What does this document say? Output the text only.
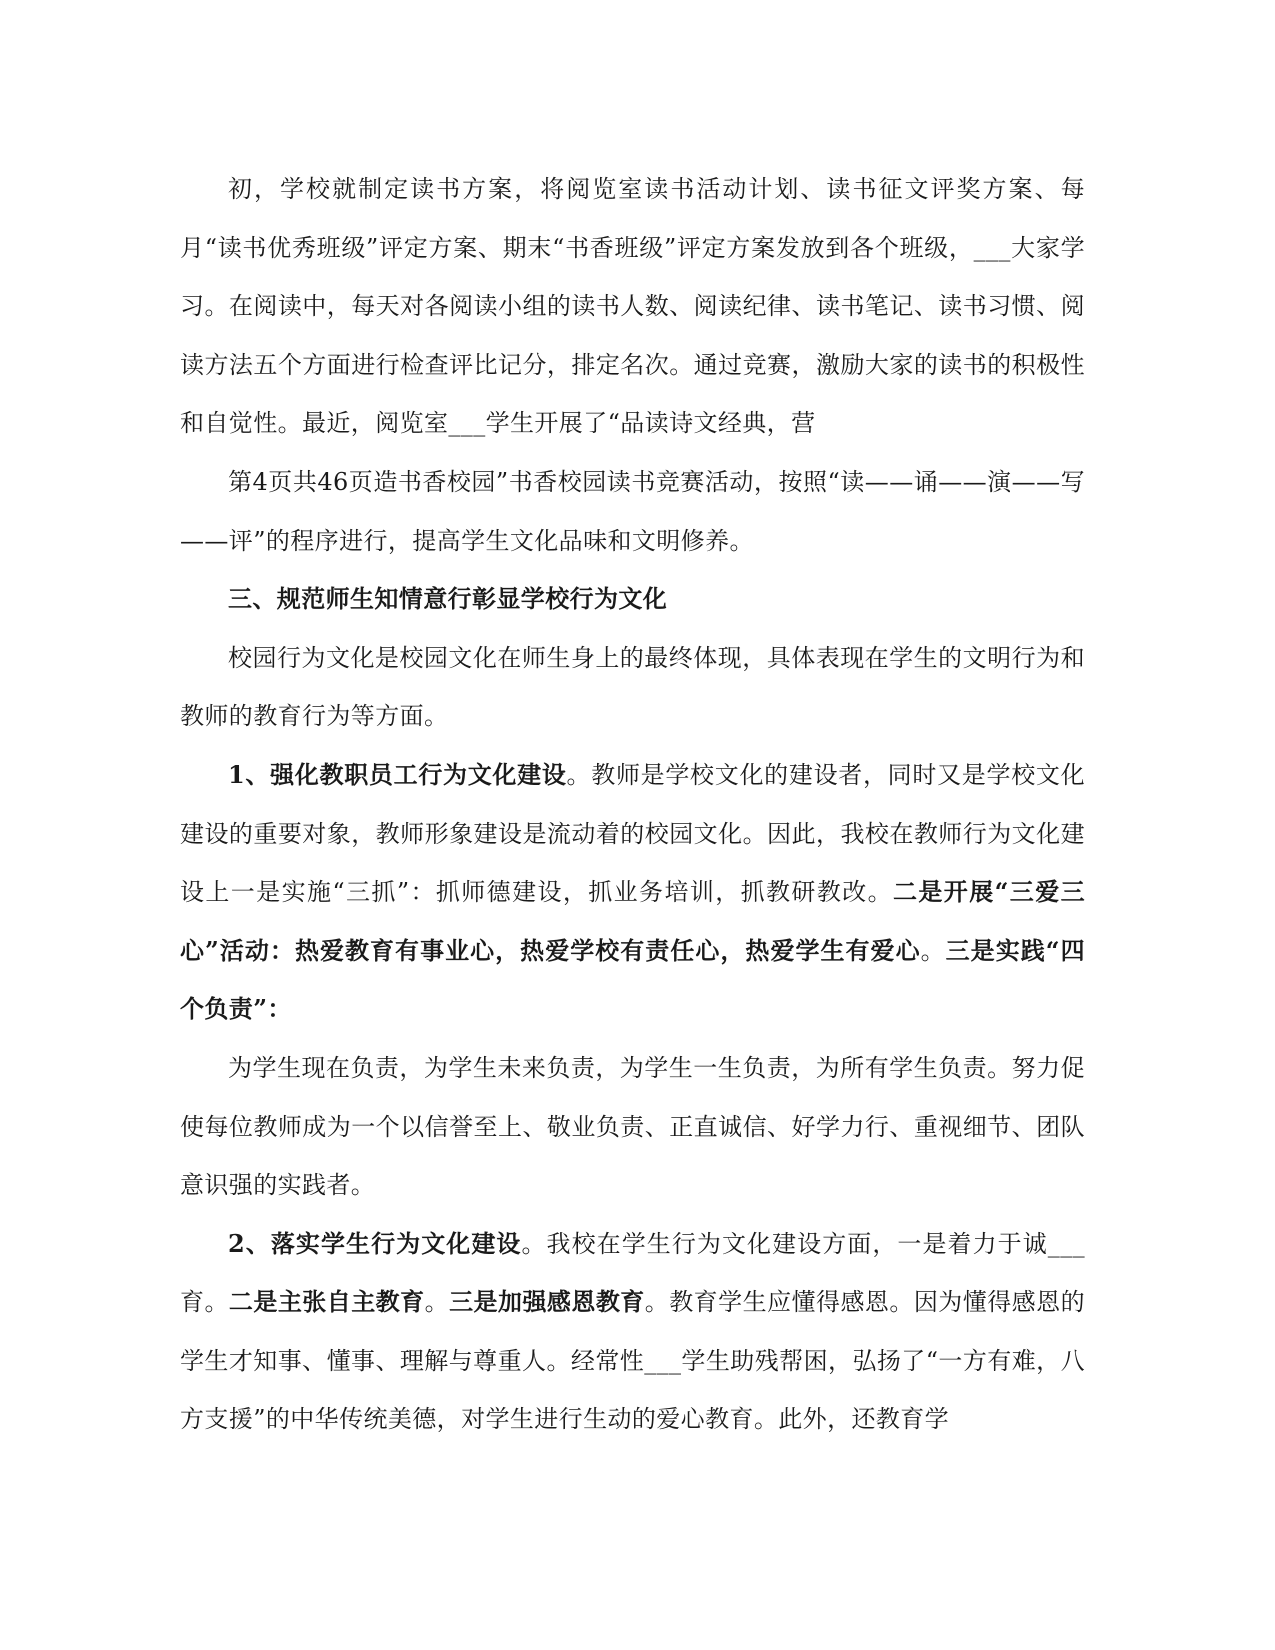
初，学校就制定读书方案，将阅览室读书活动计划、读书征文评奖方案、每月“读书优秀班级”评定方案、期末“书香班级”评定方案发放到各个班级，___大家学习。在阅读中，每天对各阅读小组的读书人数、阅读纪律、读书笔记、读书习惯、阅读方法五个方面进行检查评比记分，排定名次。通过竞赛，激励大家的读书的积极性和自觉性。最近，阅览室___学生开展了“品读诗文经典，营

第4页共46页造书香校园”书香校园读书竞赛活动，按照“读——诵——演——写——评”的程序进行，提高学生文化品味和文明修养。

三、规范师生知情意行彰显学校行为文化

校园行为文化是校园文化在师生身上的最终体现，具体表现在学生的文明行为和教师的教育行为等方面。

1、强化教职员工行为文化建设。教师是学校文化的建设者，同时又是学校文化建设的重要对象，教师形象建设是流动着的校园文化。因此，我校在教师行为文化建设上一是实施“三抓”：抓师德建设，抓业务培训，抓教研教改。二是开展“三爱三心”活动：热爱教育有事业心，热爱学校有责任心，热爱学生有爱心。三是实践“四个负责”：

为学生现在负责，为学生未来负责，为学生一生负责，为所有学生负责。努力促使每位教师成为一个以信誉至上、敬业负责、正直诚信、好学力行、重视细节、团队意识强的实践者。

2、落实学生行为文化建设。我校在学生行为文化建设方面，一是着力于诚___育。二是主张自主教育。三是加强感恩教育。教育学生应懂得感恩。因为懂得感恩的学生才知事、懂事、理解与尊重人。经常性___学生助残帮困，弘扬了“一方有难，八方支援”的中华传统美德，对学生进行生动的爱心教育。此外，还教育学
